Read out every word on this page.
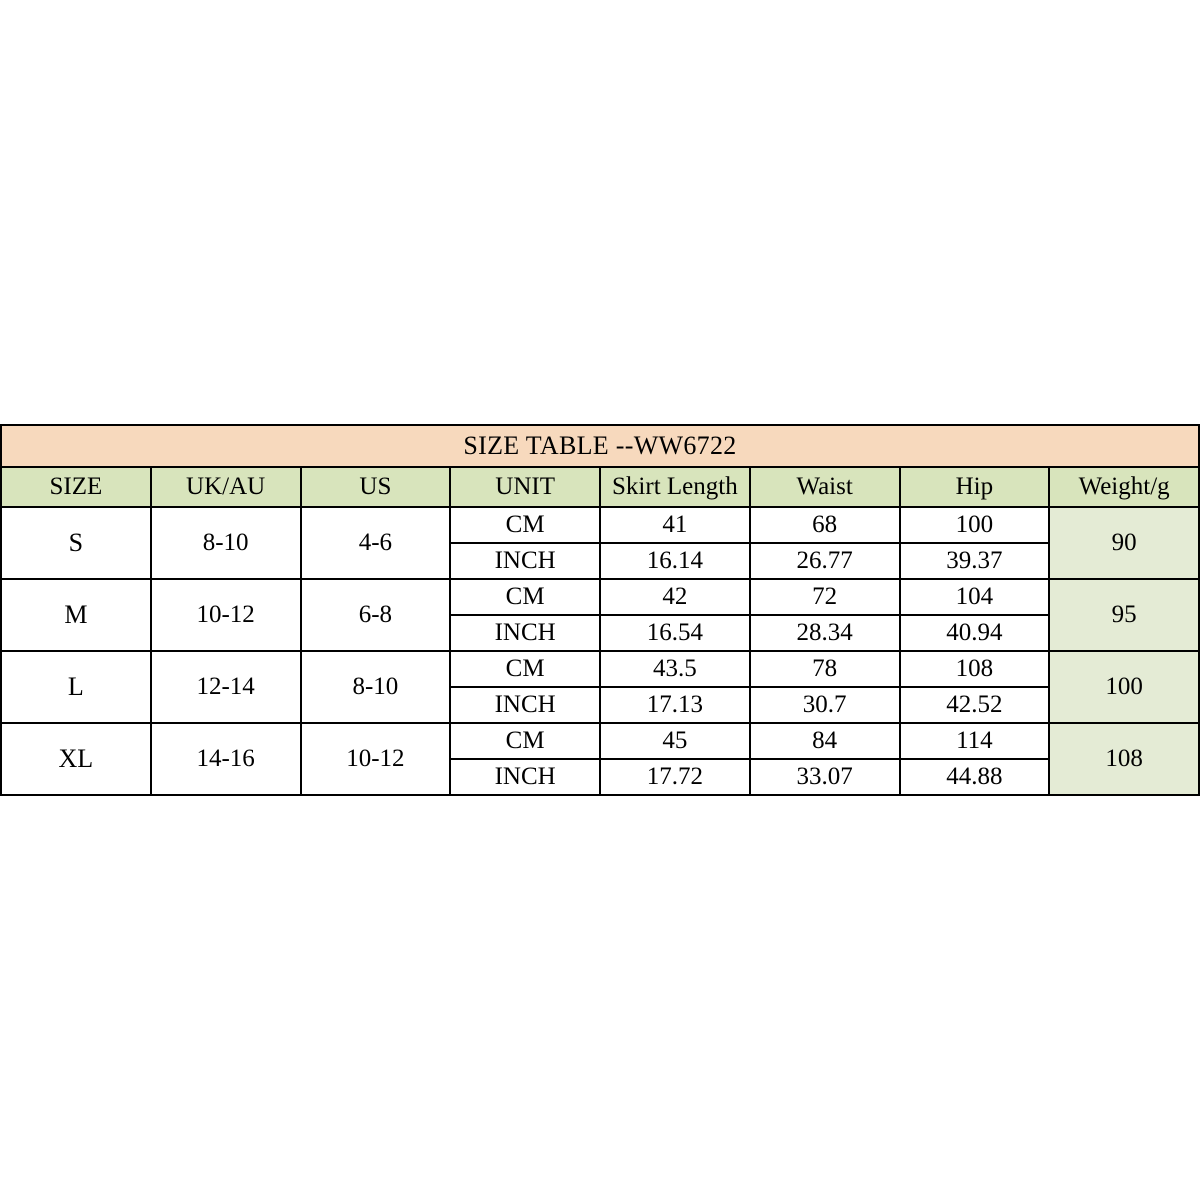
SIZE TABLE --WW6722							
SIZE	UK/AU	US	UNIT	Skirt Length	Waist	Hip	Weight/g
S	8-10	4-6	CM	41	68	100	90
			INCH	16.14	26.77	39.37	
M	10-12	6-8	CM	42	72	104	95
			INCH	16.54	28.34	40.94	
L	12-14	8-10	CM	43.5	78	108	100
			INCH	17.13	30.7	42.52	
XL	14-16	10-12	CM	45	84	114	108
			INCH	17.72	33.07	44.88	
